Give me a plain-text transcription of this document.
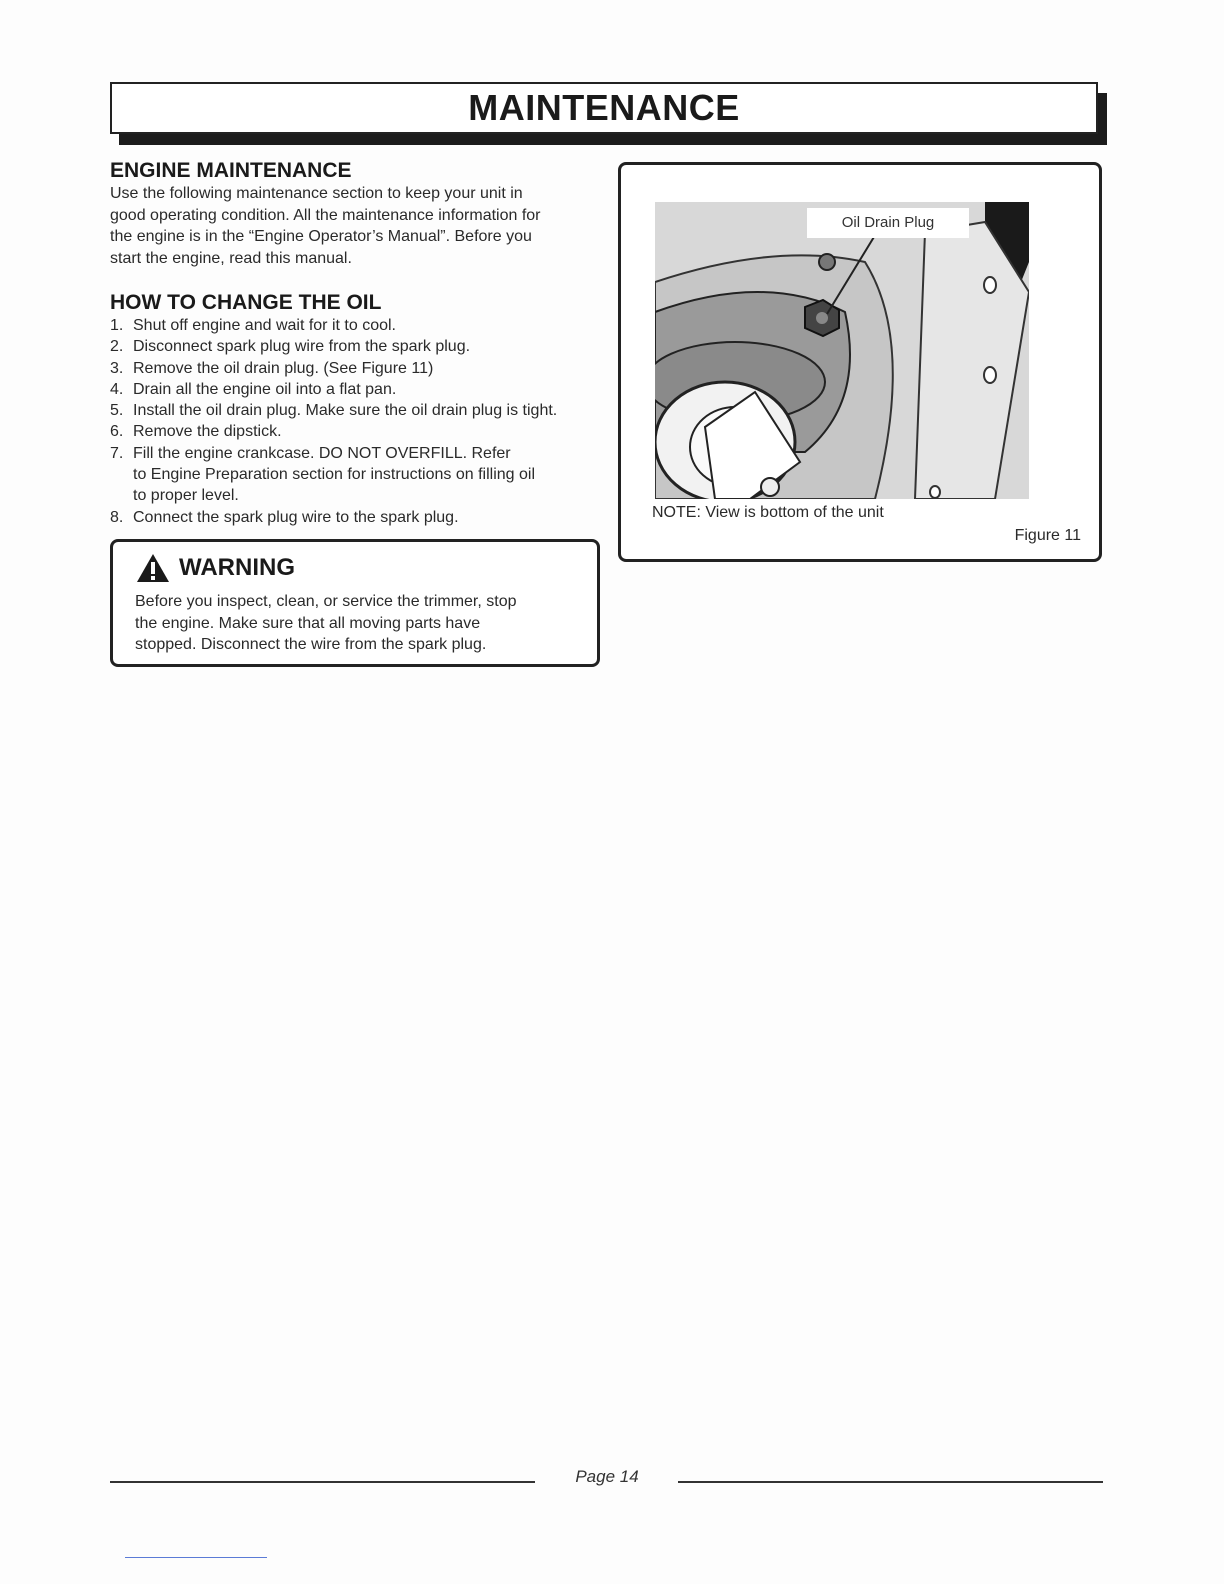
MAINTENANCE
ENGINE MAINTENANCE
Use the following maintenance section to keep your unit in
good operating condition. All the maintenance information for
the engine is in the “Engine Operator’s Manual”. Before you
start the engine, read this manual.
HOW TO CHANGE THE OIL
1. Shut off engine and wait for it to cool.
2. Disconnect spark plug wire from the spark plug.
3. Remove the oil drain plug. (See Figure 11)
4. Drain all the engine oil into a flat pan.
5. Install the oil drain plug. Make sure the oil drain plug is tight.
6. Remove the dipstick.
7. Fill the engine crankcase. DO NOT OVERFILL. Refer
to Engine Preparation section for instructions on filling oil
to proper level.
8. Connect the spark plug wire to the spark plug.
WARNING
Before you inspect, clean, or service the trimmer, stop
the engine. Make sure that all moving parts have
stopped. Disconnect the wire from the spark plug.
Oil Drain Plug
NOTE: View is bottom of the unit
Figure 11
Page 14
